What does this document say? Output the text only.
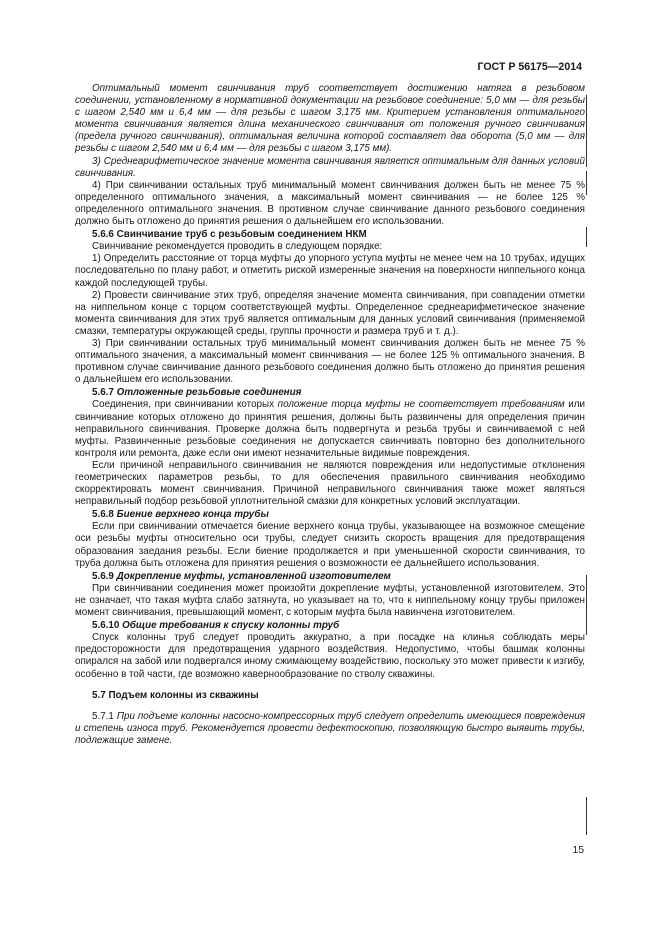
ГОСТ Р 56175—2014

Оптимальный момент свинчивания труб соответствует достижению натяга в резьбовом соединении, установленному в нормативной документации на резьбовое соединение: 5,0 мм — для резьбы с шагом 2,540 мм и 6,4 мм — для резьбы с шагом 3,175 мм. Критерием установления оптимального момента свинчивания является длина механического свинчивания от положения ручного свинчивания (предела ручного свинчивания), оптимальная величина которой составляет два оборота (5,0 мм — для резьбы с шагом 2,540 мм и 6,4 мм — для резьбы с шагом 3,175 мм).

3) Среднеарифметическое значение момента свинчивания является оптимальным для данных условий свинчивания.

4) При свинчивании остальных труб минимальный момент свинчивания должен быть не менее 75 % определенного оптимального значения, а максимальный момент свинчивания — не более 125 % определенного оптимального значения. В противном случае свинчивание данного резьбового соединения должно быть отложено до принятия решения о дальнейшем его использовании.

5.6.6 Свинчивание труб с резьбовым соединением НКМ

Свинчивание рекомендуется проводить в следующем порядке:

1) Определить расстояние от торца муфты до упорного уступа муфты не менее чем на 10 трубах, идущих последовательно по плану работ, и отметить риской измеренные значения на поверхности ниппельного конца каждой последующей трубы.

2) Провести свинчивание этих труб, определяя значение момента свинчивания, при совпадении отметки на ниппельном конце с торцом соответствующей муфты. Определенное среднеарифметическое значение момента свинчивания для этих труб является оптимальным для данных условий свинчивания (применяемой смазки, температуры окружающей среды, группы прочности и размера труб и т. д.).

3) При свинчивании остальных труб минимальный момент свинчивания должен быть не менее 75 % оптимального значения, а максимальный момент свинчивания — не более 125 % оптимального значения. В противном случае свинчивание данного резьбового соединения должно быть отложено до принятия решения о дальнейшем его использовании.

5.6.7 Отложенные резьбовые соединения

Соединения, при свинчивании которых положение торца муфты не соответствует требованиям или свинчивание которых отложено до принятия решения, должны быть развинчены для определения причин неправильного свинчивания. Проверке должна быть подвергнута и резьба трубы и свинчиваемой с ней муфты. Развинченные резьбовые соединения не допускается свинчивать повторно без дополнительного контроля или ремонта, даже если они имеют незначительные видимые повреждения.

Если причиной неправильного свинчивания не являются повреждения или недопустимые отклонения геометрических параметров резьбы, то для обеспечения правильного свинчивания необходимо скорректировать момент свинчивания. Причиной неправильного свинчивания также может являться неправильный подбор резьбовой уплотнительной смазки для конкретных условий эксплуатации.

5.6.8 Биение верхнего конца трубы

Если при свинчивании отмечается биение верхнего конца трубы, указывающее на возможное смещение оси резьбы муфты относительно оси трубы, следует снизить скорость вращения для предотвращения образования заедания резьбы. Если биение продолжается и при уменьшенной скорости свинчивания, то труба должна быть отложена для принятия решения о возможности ее дальнейшего использования.

5.6.9 Докрепление муфты, установленной изготовителем

При свинчивании соединения может произойти докрепление муфты, установленной изготовителем. Это не означает, что такая муфта слабо затянута, но указывает на то, что к ниппельному концу трубы приложен момент свинчивания, превышающий момент, с которым муфта была навинчена изготовителем.

5.6.10 Общие требования к спуску колонны труб

Спуск колонны труб следует проводить аккуратно, а при посадке на клинья соблюдать меры предосторожности для предотвращения ударного воздействия. Недопустимо, чтобы башмак колонны опирался на забой или подвергался иному сжимающему воздействию, поскольку это может привести к изгибу, особенно в той части, где возможно кавернообразование по стволу скважины.

5.7 Подъем колонны из скважины

5.7.1 При подъеме колонны насосно-компрессорных труб следует определить имеющиеся повреждения и степень износа труб. Рекомендуется провести дефектоскопию, позволяющую быстро выявить трубы, подлежащие замене.

15
